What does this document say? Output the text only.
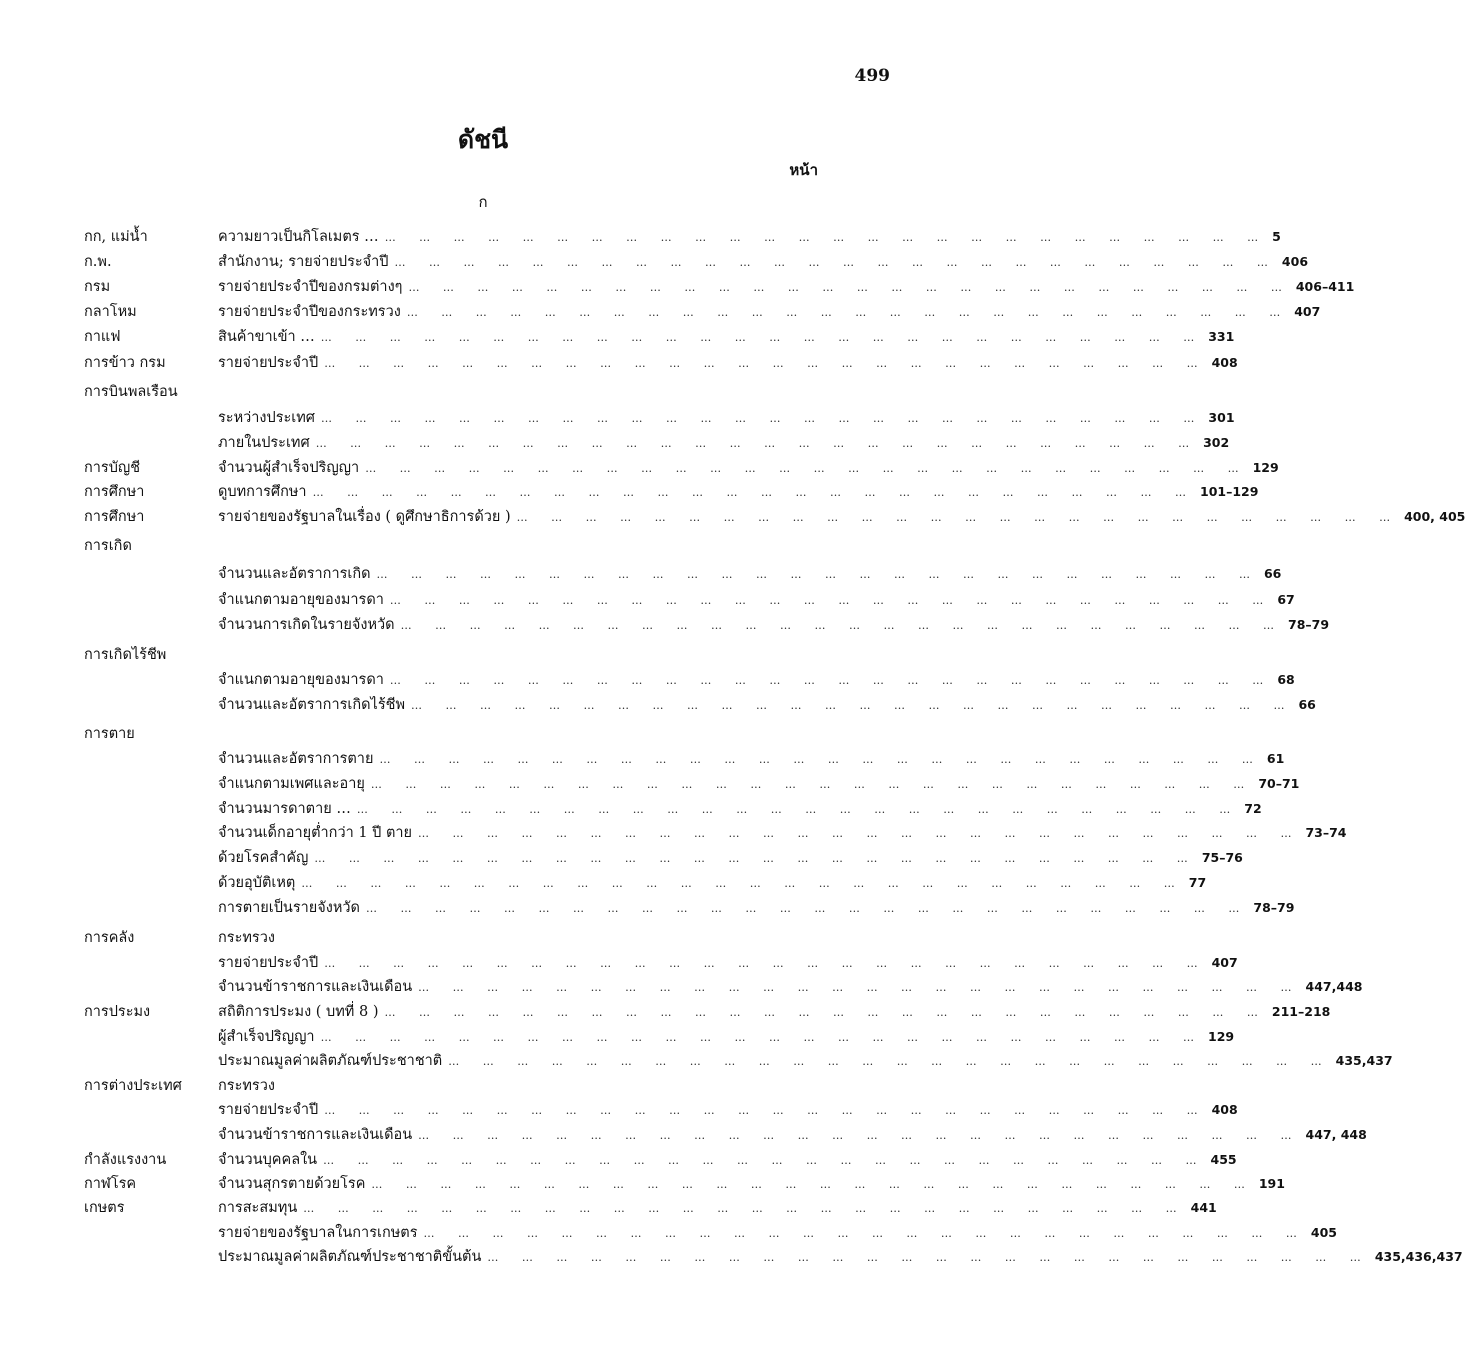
499
ดัชนี
หน้า
ก
กก, แม่น้ำ	ความยาวเป็นกิโลเมตร … … … … … … … … … … … … … … … … … … … … … … … … … … … 5
ก.พ.	สำนักงาน; รายจ่ายประจำปี … … … … … … … … … … … … … … … … … … … … … … … … … … 406
กรม	รายจ่ายประจำปีของกรมต่างๆ … … … … … … … … … … … … … … … … … … … … … … … … … … 406–411
กลาโหม	รายจ่ายประจำปีของกระทรวง … … … … … … … … … … … … … … … … … … … … … … … … … … 407
กาแฟ	สินค้าขาเข้า … … … … … … … … … … … … … … … … … … … … … … … … … … … 331
การข้าว กรม	รายจ่ายประจำปี … … … … … … … … … … … … … … … … … … … … … … … … … … 408
การบินพลเรือน
ระหว่างประเทศ … … … … … … … … … … … … … … … … … … … … … … … … … … 301
ภายในประเทศ … … … … … … … … … … … … … … … … … … … … … … … … … … 302
การบัญชี	จำนวนผู้สำเร็จปริญญา … … … … … … … … … … … … … … … … … … … … … … … … … … 129
การศึกษา	ดูบทการศึกษา … … … … … … … … … … … … … … … … … … … … … … … … … … 101–129
การศึกษา	รายจ่ายของรัฐบาลในเรื่อง ( ดูศึกษาธิการด้วย ) … … … … … … … … … … … … … … … … … … … … … … … … … … 400, 405
การเกิด
จำนวนและอัตราการเกิด … … … … … … … … … … … … … … … … … … … … … … … … … … 66
จำแนกตามอายุของมารดา … … … … … … … … … … … … … … … … … … … … … … … … … … 67
จำนวนการเกิดในรายจังหวัด … … … … … … … … … … … … … … … … … … … … … … … … … … 78–79
การเกิดไร้ชีพ
จำแนกตามอายุของมารดา … … … … … … … … … … … … … … … … … … … … … … … … … … 68
จำนวนและอัตราการเกิดไร้ชีพ … … … … … … … … … … … … … … … … … … … … … … … … … … 66
การตาย
จำนวนและอัตราการตาย … … … … … … … … … … … … … … … … … … … … … … … … … … 61
จำแนกตามเพศและอายุ … … … … … … … … … … … … … … … … … … … … … … … … … … 70–71
จำนวนมารดาตาย … … … … … … … … … … … … … … … … … … … … … … … … … … … 72
จำนวนเด็กอายุต่ำกว่า 1 ปี ตาย … … … … … … … … … … … … … … … … … … … … … … … … … … 73–74
ด้วยโรคสำคัญ … … … … … … … … … … … … … … … … … … … … … … … … … … 75–76
ด้วยอุบัติเหตุ … … … … … … … … … … … … … … … … … … … … … … … … … … 77
การตายเป็นรายจังหวัด … … … … … … … … … … … … … … … … … … … … … … … … … … 78–79
การคลัง	กระทรวง
รายจ่ายประจำปี … … … … … … … … … … … … … … … … … … … … … … … … … … 407
จำนวนข้าราชการและเงินเดือน … … … … … … … … … … … … … … … … … … … … … … … … … … 447,448
การประมง	สถิติการประมง ( บทที่ 8 ) … … … … … … … … … … … … … … … … … … … … … … … … … … 211–218
ผู้สำเร็จปริญญา … … … … … … … … … … … … … … … … … … … … … … … … … … 129
ประมาณมูลค่าผลิตภัณฑ์ประชาชาติ … … … … … … … … … … … … … … … … … … … … … … … … … … 435,437
การต่างประเทศ	กระทรวง
รายจ่ายประจำปี … … … … … … … … … … … … … … … … … … … … … … … … … … 408
จำนวนข้าราชการและเงินเดือน … … … … … … … … … … … … … … … … … … … … … … … … … … 447, 448
กำลังแรงงาน	จำนวนบุคคลใน … … … … … … … … … … … … … … … … … … … … … … … … … … 455
กาฬโรค	จำนวนสุกรตายด้วยโรค … … … … … … … … … … … … … … … … … … … … … … … … … … 191
เกษตร	การสะสมทุน … … … … … … … … … … … … … … … … … … … … … … … … … … 441
รายจ่ายของรัฐบาลในการเกษตร … … … … … … … … … … … … … … … … … … … … … … … … … … 405
ประมาณมูลค่าผลิตภัณฑ์ประชาชาติขั้นต้น … … … … … … … … … … … … … … … … … … … … … … … … … … 435,436,437
